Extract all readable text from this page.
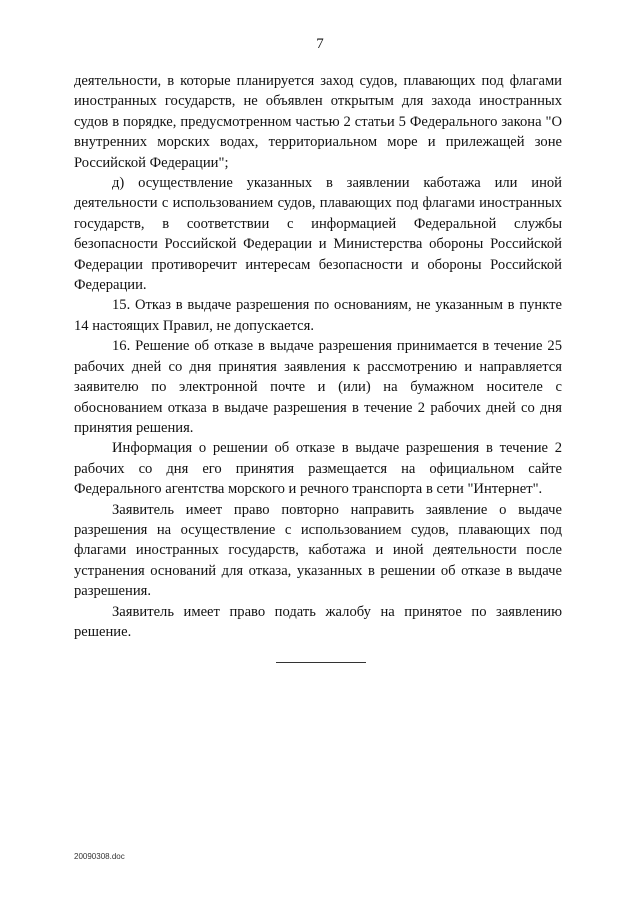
7

деятельности, в которые планируется заход судов, плавающих под флагами иностранных государств, не объявлен открытым для захода иностранных судов в порядке, предусмотренном частью 2 статьи 5 Федерального закона "О внутренних морских водах, территориальном море и прилежащей зоне Российской Федерации";

д) осуществление указанных в заявлении каботажа или иной деятельности с использованием судов, плавающих под флагами иностранных государств, в соответствии с информацией Федеральной службы безопасности Российской Федерации и Министерства обороны Российской Федерации противоречит интересам безопасности и обороны Российской Федерации.

15. Отказ в выдаче разрешения по основаниям, не указанным в пункте 14 настоящих Правил, не допускается.

16. Решение об отказе в выдаче разрешения принимается в течение 25 рабочих дней со дня принятия заявления к рассмотрению и направляется заявителю по электронной почте и (или) на бумажном носителе с обоснованием отказа в выдаче разрешения в течение 2 рабочих дней со дня принятия решения.

Информация о решении об отказе в выдаче разрешения в течение 2 рабочих со дня его принятия размещается на официальном сайте Федерального агентства морского и речного транспорта в сети "Интернет".

Заявитель имеет право повторно направить заявление о выдаче разрешения на осуществление с использованием судов, плавающих под флагами иностранных государств, каботажа и иной деятельности после устранения оснований для отказа, указанных в решении об отказе в выдаче разрешения.

Заявитель имеет право подать жалобу на принятое по заявлению решение.

20090308.doc
